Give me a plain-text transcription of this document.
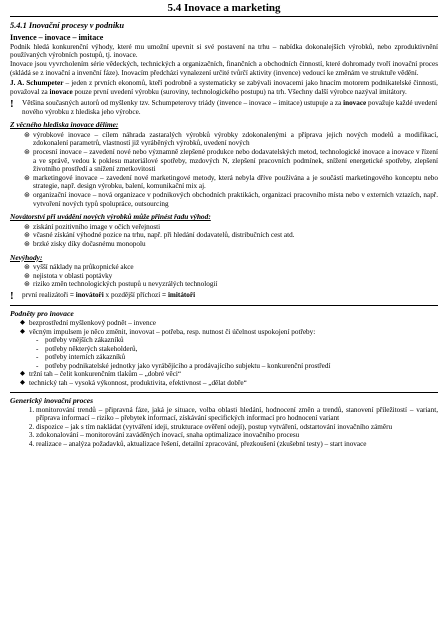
5.4 Inovace a marketing
5.4.1 Inovační procesy v podniku
Invence – inovace – imitace

Podnik hledá konkurenční výhody, které mu umožní upevnit si své postavení na trhu – nabídka dokonalejších výrobků, nebo zproduktivnění používaných výrobních postupů, tj. inovace.

Inovace jsou vyvrcholením série vědeckých, technických a organizačních, finančních a obchodních činností, které dohromady tvoří inovační proces (skládá se z inovační a invenční fáze). Inovacím předchází vynalezení určité tvůrčí aktivity (invence) vedoucí ke změnám ve struktuře vědění.

J. A. Schumpeter – jeden z prvních ekonomů, kteří podrobně a systematicky se zabývali inovacemi jako hnacím motorem podnikatelské činnosti, považoval za inovace pouze první uvedení výrobku (suroviny, technologického postupu) na trh. Všechny další výrobce nazýval imitátory.

!	Většina současných autorů od myšlenky tzv. Schumpeterovy triády (invence – inovace – imitace) ustupuje a za inovace považuje každé uvedení nového výrobku z hlediska jeho výrobce.
Z věcného hlediska inovace dělíme:
⊛ výrobkové inovace – cílem náhrada zastaralých výrobků výrobky zdokonalenými a příprava jejich nových modelů a modifikací, zdokonalení parametrů, vlastností již vyráběných výrobků, uvedení nových
⊛ procesní inovace – zavedení nové nebo významně zlepšené produkce nebo dodavatelských metod, technologické inovace a inovace v řízení a ve správě, vedou k poklesu materiálové spotřeby, mzdových N, zlepšení pracovních podmínek, snížení energetické spotřeby, zlepšení životního prostředí a snížení zmetkovitosti
⊛ marketingové inovace – zavedení nové marketingové metody, která nebyla dříve používána a je součástí marketingového konceptu nebo strategie, např. design výrobku, balení, komunikační mix aj.
⊛ organizační inovace – nová organizace v podnikových obchodních praktikách, organizaci pracovního místa nebo v externích vztazích, např. vytvoření nových typů spolupráce, outsourcing
Novátorství při uvádění nových výrobků může přinést řadu výhod:
⊛ získání pozitivního image v očích veřejnosti
⊛ včasné získání výhodné pozice na trhu, např. při hledání dodavatelů, distribučních cest atd.
⊛ brzké zisky díky dočasnému monopolu
Nevýhody:
⊛ vyšší náklady na průkopnické akce
⊛ nejistota v oblasti poptávky
⊛ riziko změn technologických postupů u nevyzrálých technologií
!	první realizátoři = inovátoři x pozdější příchozí = imitátoři
Podněty pro inovace
◆ bezprostřední myšlenkový podnět – invence
◆ věcným impulsem je něco změnit, inovovat – potřeba, resp. nutnost či účelnost uspokojení potřeby:
- potřeby vnějších zákazníků
- potřeby některých stakeholderů,
- potřeby interních zákazníků
- potřeby podnikatelské jednotky jako vyrábějícího a prodávajícího subjektu – konkurenční prostředí
◆ tržní tah – čelit konkurenčním tlakům – „dobré věci“
◆ technický tah – vysoká výkonnost, produktivita, efektivnost – „dělat dobře“
Generický inovační proces
1. monitorování trendů – připravná fáze, jaká je situace, volba oblasti hledání, hodnocení změn a trendů, stanovení příležitostí – variant, příprava informací – riziko – přebytek informací, získávání specifických informací pro hodnocení variant
2. dispozice – jak s tím nakládat (vytváření ideji, strukturace ověření odejí), postup vytváření, odstartování inovačního záměru
3. zdokonalování – monitorování zaváděných inovací, snaha optimalizace inovačního procesu
4. realizace – analýza požadavků, aktualizace řešení, detailní zpracování, přezkoušení (zkušební testy) – start inovace
